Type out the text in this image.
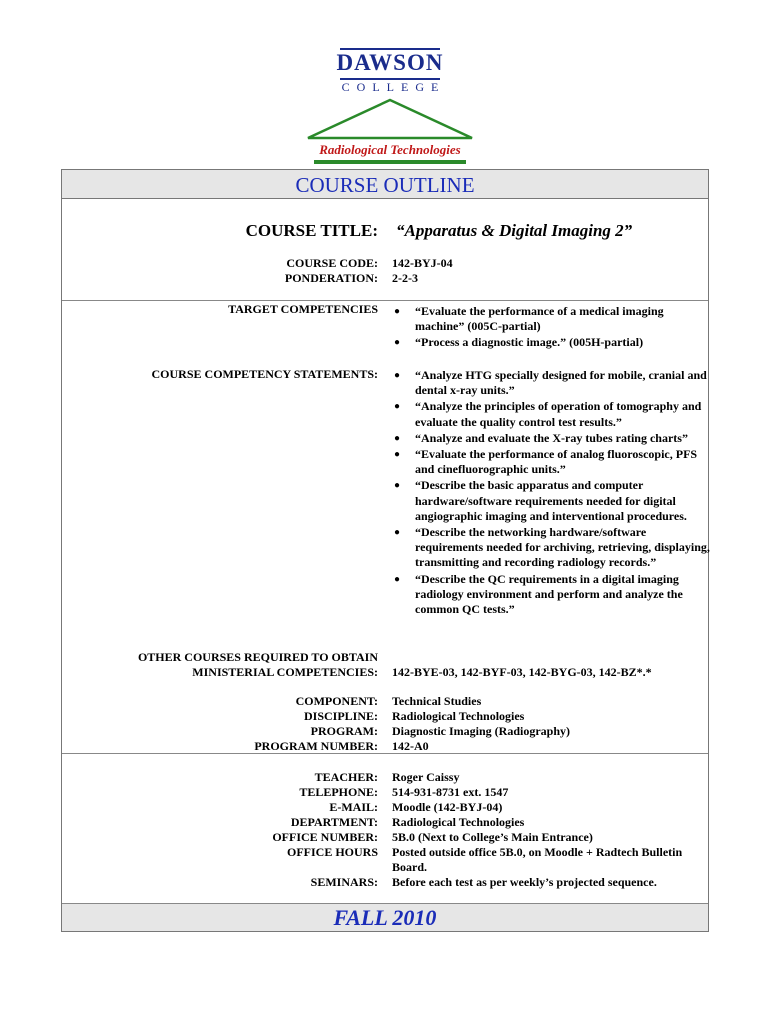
DAWSON
COLLEGE
Radiological Technologies
COURSE OUTLINE
FALL 2010
COURSE TITLE: “Apparatus & Digital Imaging 2”
COURSE CODE: 142-BYJ-04
PONDERATION: 2-2-3
TARGET COMPETENCIES ● “Evaluate the performance of a medical imaging machine” (005C-partial)
● “Process a diagnostic image.” (005H-partial)
COURSE COMPETENCY STATEMENTS: ● “Analyze HTG specially designed for mobile, cranial and dental x-ray units.”
● “Analyze the principles of operation of tomography and evaluate the quality control test results.”
● “Analyze and evaluate the X-ray tubes rating charts”
● “Evaluate the performance of analog fluoroscopic, PFS and cinefluorographic units.”
● “Describe the basic apparatus and computer hardware/software requirements needed for digital angiographic imaging and interventional procedures.
● “Describe the networking hardware/software requirements needed for archiving, retrieving, displaying, transmitting and recording radiology records.”
● “Describe the QC requirements in a digital imaging radiology environment and perform and analyze the common QC tests.”
OTHER COURSES REQUIRED TO OBTAIN
MINISTERIAL COMPETENCIES: 142-BYE-03, 142-BYF-03, 142-BYG-03, 142-BZ*.*
COMPONENT: Technical Studies
DISCIPLINE: Radiological Technologies
PROGRAM: Diagnostic Imaging (Radiography)
PROGRAM NUMBER: 142-A0
TEACHER: Roger Caissy
TELEPHONE: 514-931-8731 ext. 1547
E-MAIL: Moodle (142-BYJ-04)
DEPARTMENT: Radiological Technologies
OFFICE NUMBER: 5B.0 (Next to College’s Main Entrance)
OFFICE HOURS Posted outside office 5B.0, on Moodle + Radtech Bulletin
Board.
SEMINARS: Before each test as per weekly’s projected sequence.
